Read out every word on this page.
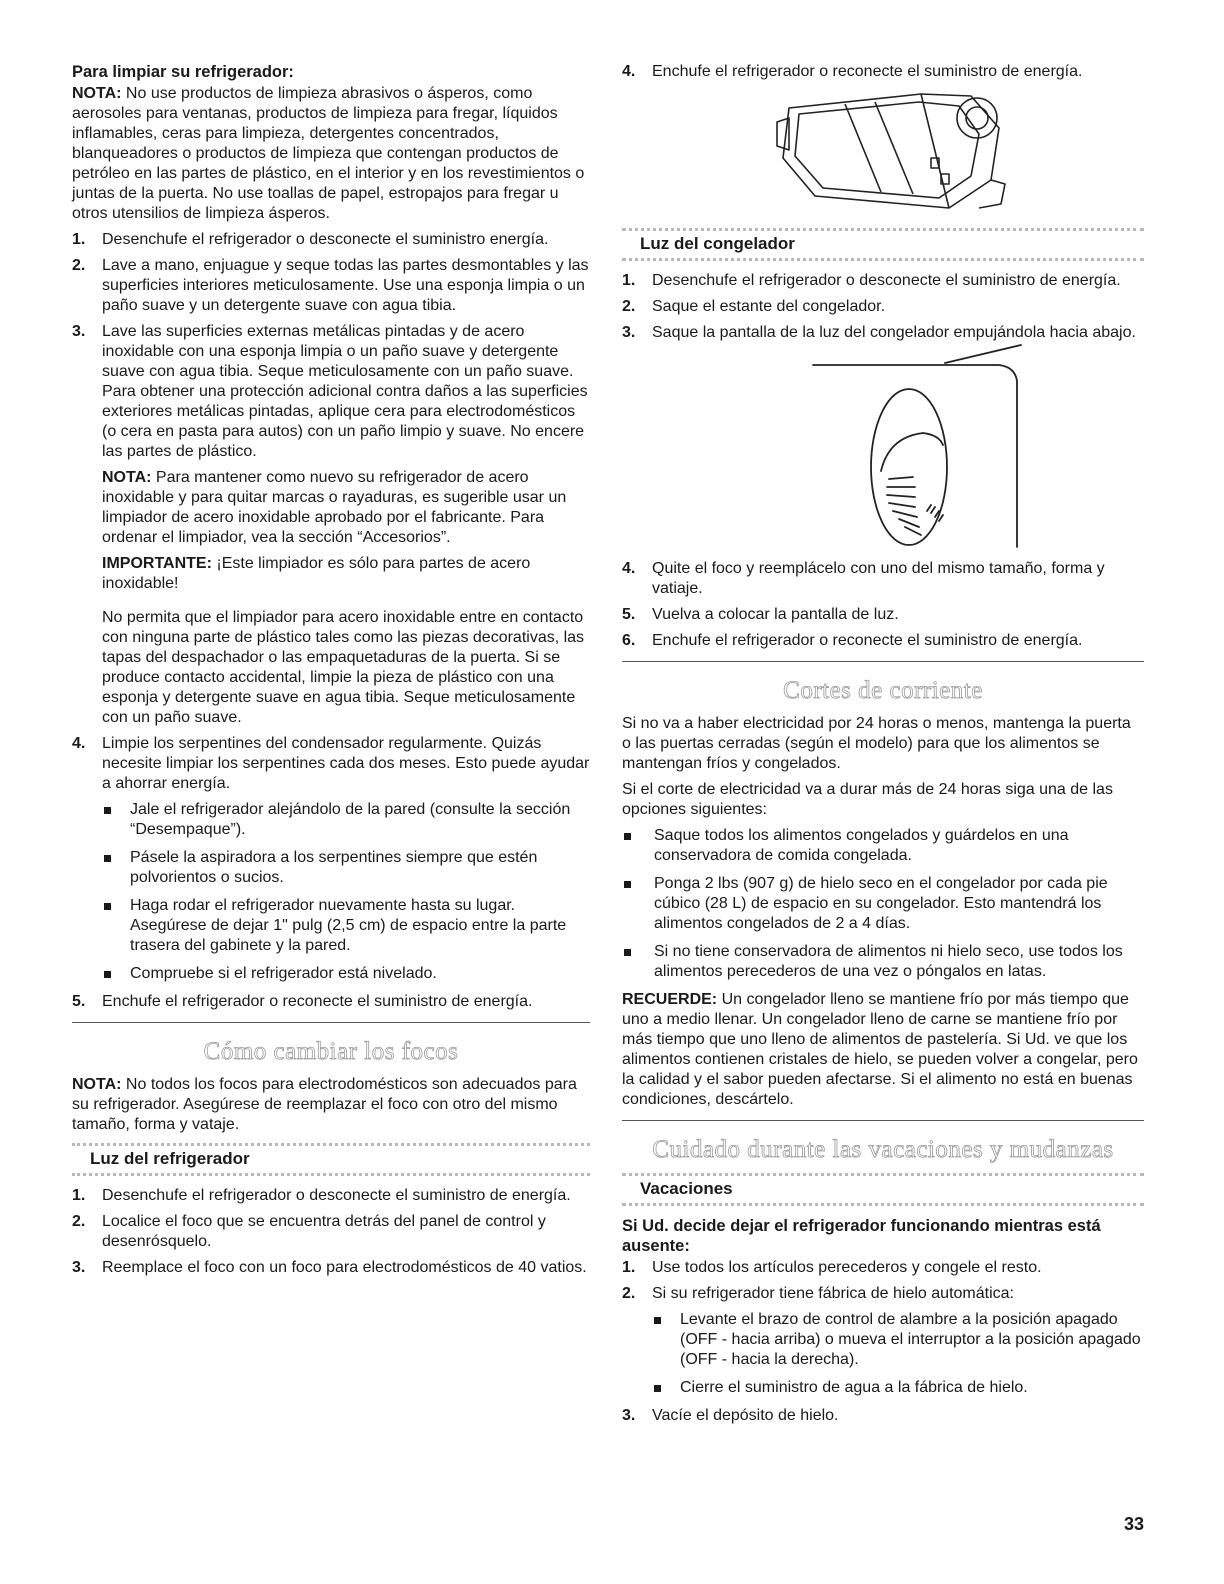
Para limpiar su refrigerador:

NOTA: No use productos de limpieza abrasivos o ásperos, como aerosoles para ventanas, productos de limpieza para fregar, líquidos inflamables, ceras para limpieza, detergentes concentrados, blanqueadores o productos de limpieza que contengan productos de petróleo en las partes de plástico, en el interior y en los revestimientos o juntas de la puerta. No use toallas de papel, estropajos para fregar u otros utensilios de limpieza ásperos.

1.	Desenchufe el refrigerador o desconecte el suministro energía.
2.	Lave a mano, enjuague y seque todas las partes desmontables y las superficies interiores meticulosamente. Use una esponja limpia o un paño suave y un detergente suave con agua tibia.
3.	Lave las superficies externas metálicas pintadas y de acero inoxidable con una esponja limpia o un paño suave y detergente suave con agua tibia. Seque meticulosamente con un paño suave. Para obtener una protección adicional contra daños a las superficies exteriores metálicas pintadas, aplique cera para electrodomésticos (o cera en pasta para autos) con un paño limpio y suave. No encere las partes de plástico.

NOTA: Para mantener como nuevo su refrigerador de acero inoxidable y para quitar marcas o rayaduras, es sugerible usar un limpiador de acero inoxidable aprobado por el fabricante. Para ordenar el limpiador, vea la sección “Accesorios”.

IMPORTANTE: ¡Este limpiador es sólo para partes de acero inoxidable!

No permita que el limpiador para acero inoxidable entre en contacto con ninguna parte de plástico tales como las piezas decorativas, las tapas del despachador o las empaquetaduras de la puerta. Si se produce contacto accidental, limpie la pieza de plástico con una esponja y detergente suave en agua tibia. Seque meticulosamente con un paño suave.

4.	Limpie los serpentines del condensador regularmente. Quizás necesite limpiar los serpentines cada dos meses. Esto puede ayudar a ahorrar energía.
Jale el refrigerador alejándolo de la pared (consulte la sección “Desempaque”).
Pásele la aspiradora a los serpentines siempre que estén polvorientos o sucios.
Haga rodar el refrigerador nuevamente hasta su lugar. Asegúrese de dejar 1" pulg (2,5 cm) de espacio entre la parte trasera del gabinete y la pared.
Compruebe si el refrigerador está nivelado.
5.	Enchufe el refrigerador o reconecte el suministro de energía.
Cómo cambiar los focos

NOTA: No todos los focos para electrodomésticos son adecuados para su refrigerador. Asegúrese de reemplazar el foco con otro del mismo tamaño, forma y vataje.

Luz del refrigerador
1.	Desenchufe el refrigerador o desconecte el suministro de energía.
2.	Localice el foco que se encuentra detrás del panel de control y desenrósquelo.
3.	Reemplace el foco con un foco para electrodomésticos de 40 vatios.
4.	Enchufe el refrigerador o reconecte el suministro de energía.
Luz del congelador
1.	Desenchufe el refrigerador o desconecte el suministro de energía.
2.	Saque el estante del congelador.
3.	Saque la pantalla de la luz del congelador empujándola hacia abajo.
4.	Quite el foco y reemplácelo con uno del mismo tamaño, forma y vatiaje.
5.	Vuelva a colocar la pantalla de luz.
6.	Enchufe el refrigerador o reconecte el suministro de energía.
Cortes de corriente

Si no va a haber electricidad por 24 horas o menos, mantenga la puerta o las puertas cerradas (según el modelo) para que los alimentos se mantengan fríos y congelados.

Si el corte de electricidad va a durar más de 24 horas siga una de las opciones siguientes:

Saque todos los alimentos congelados y guárdelos en una conservadora de comida congelada.
Ponga 2 lbs (907 g) de hielo seco en el congelador por cada pie cúbico (28 L) de espacio en su congelador. Esto mantendrá los alimentos congelados de 2 a 4 días.
Si no tiene conservadora de alimentos ni hielo seco, use todos los alimentos perecederos de una vez o póngalos en latas.

RECUERDE: Un congelador lleno se mantiene frío por más tiempo que uno a medio llenar. Un congelador lleno de carne se mantiene frío por más tiempo que uno lleno de alimentos de pastelería. Si Ud. ve que los alimentos contienen cristales de hielo, se pueden volver a congelar, pero la calidad y el sabor pueden afectarse. Si el alimento no está en buenas condiciones, descártelo.

Cuidado durante las vacaciones y mudanzas
Vacaciones

Si Ud. decide dejar el refrigerador funcionando mientras está ausente:

1.	Use todos los artículos perecederos y congele el resto.
2.	Si su refrigerador tiene fábrica de hielo automática:
Levante el brazo de control de alambre a la posición apagado (OFF - hacia arriba) o mueva el interruptor a la posición apagado (OFF - hacia la derecha).
Cierre el suministro de agua a la fábrica de hielo.
3.	Vacíe el depósito de hielo.
33
